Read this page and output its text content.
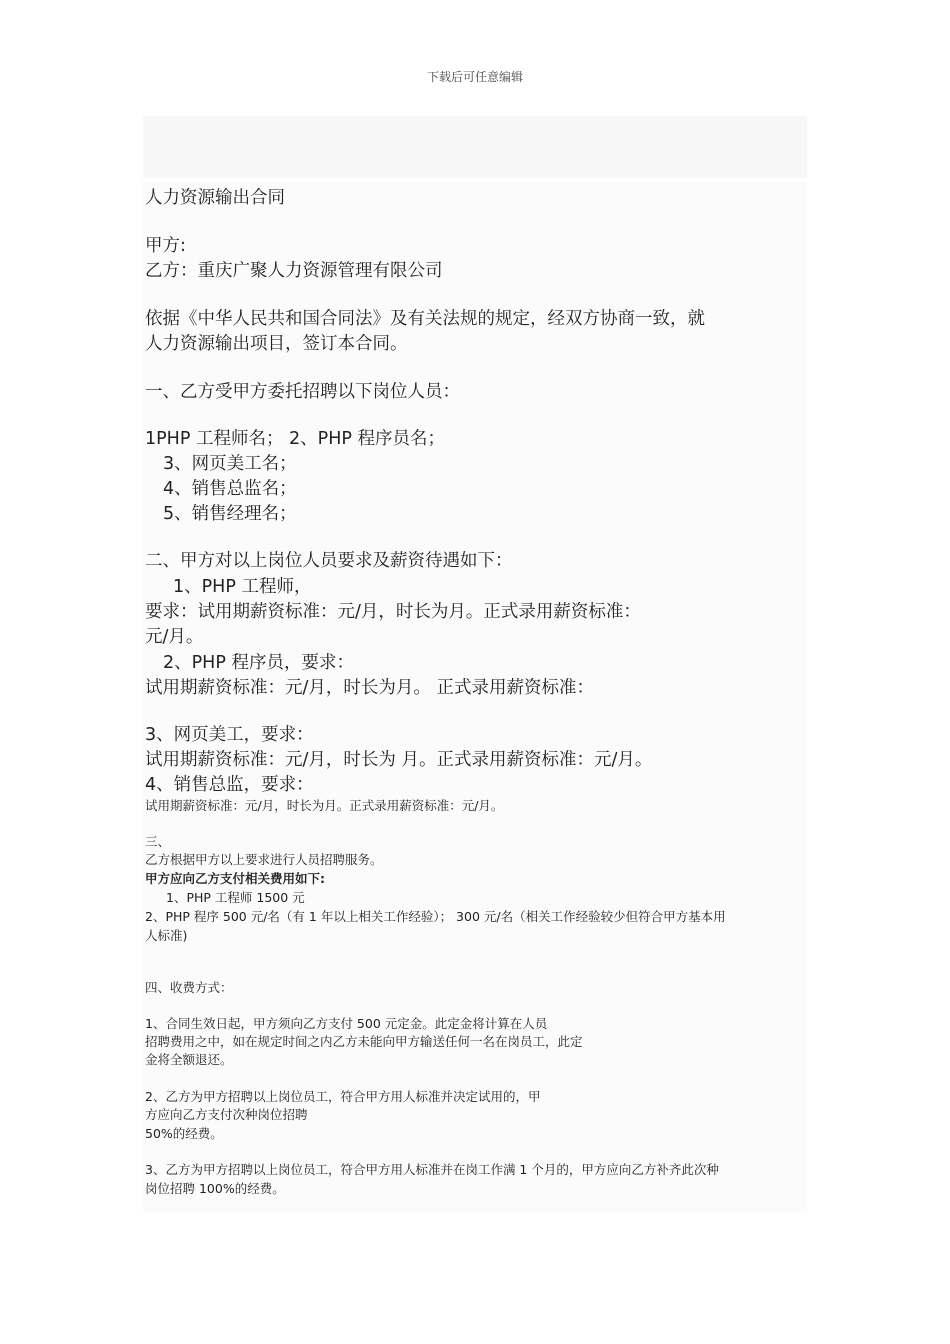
下载后可任意编辑
人力资源输出合同
甲方:
乙方：重庆广聚人力资源管理有限公司
依据《中华人民共和国合同法》及有关法规的规定，经双方协商一致，就
人力资源输出项目，签订本合同。
一、乙方受甲方委托招聘以下岗位人员：
1PHP 工程师名； 2、PHP 程序员名；
3、网页美工名；
4、销售总监名；
5、销售经理名；
二、甲方对以上岗位人员要求及薪资待遇如下：
1、PHP 工程师，
要求：试用期薪资标准：元/月，时长为月。正式录用薪资标准：
元/月。
2、PHP 程序员，要求：
试用期薪资标准：元/月，时长为月。 正式录用薪资标准：
3、网页美工，要求：
试用期薪资标准：元/月，时长为 月。正式录用薪资标准：元/月。
4、销售总监，要求：
试用期薪资标准：元/月，时长为月。正式录用薪资标准：元/月。
三、
乙方根据甲方以上要求进行人员招聘服务。
甲方应向乙方支付相关费用如下:
1、PHP 工程师 1500 元
2、PHP 程序 500 元/名（有 1 年以上相关工作经验）； 300 元/名（相关工作经验较少但符合甲方基本用
人标准)
四、收费方式：
1、合同生效日起，甲方须向乙方支付 500 元定金。此定金将计算在人员
招聘费用之中，如在规定时间之内乙方未能向甲方输送任何一名在岗员工，此定
金将全额退还。
2、乙方为甲方招聘以上岗位员工，符合甲方用人标准并决定试用的，甲
方应向乙方支付次种岗位招聘
50%的经费。
3、乙方为甲方招聘以上岗位员工，符合甲方用人标准并在岗工作满 1 个月的，甲方应向乙方补齐此次种
岗位招聘 100%的经费。
